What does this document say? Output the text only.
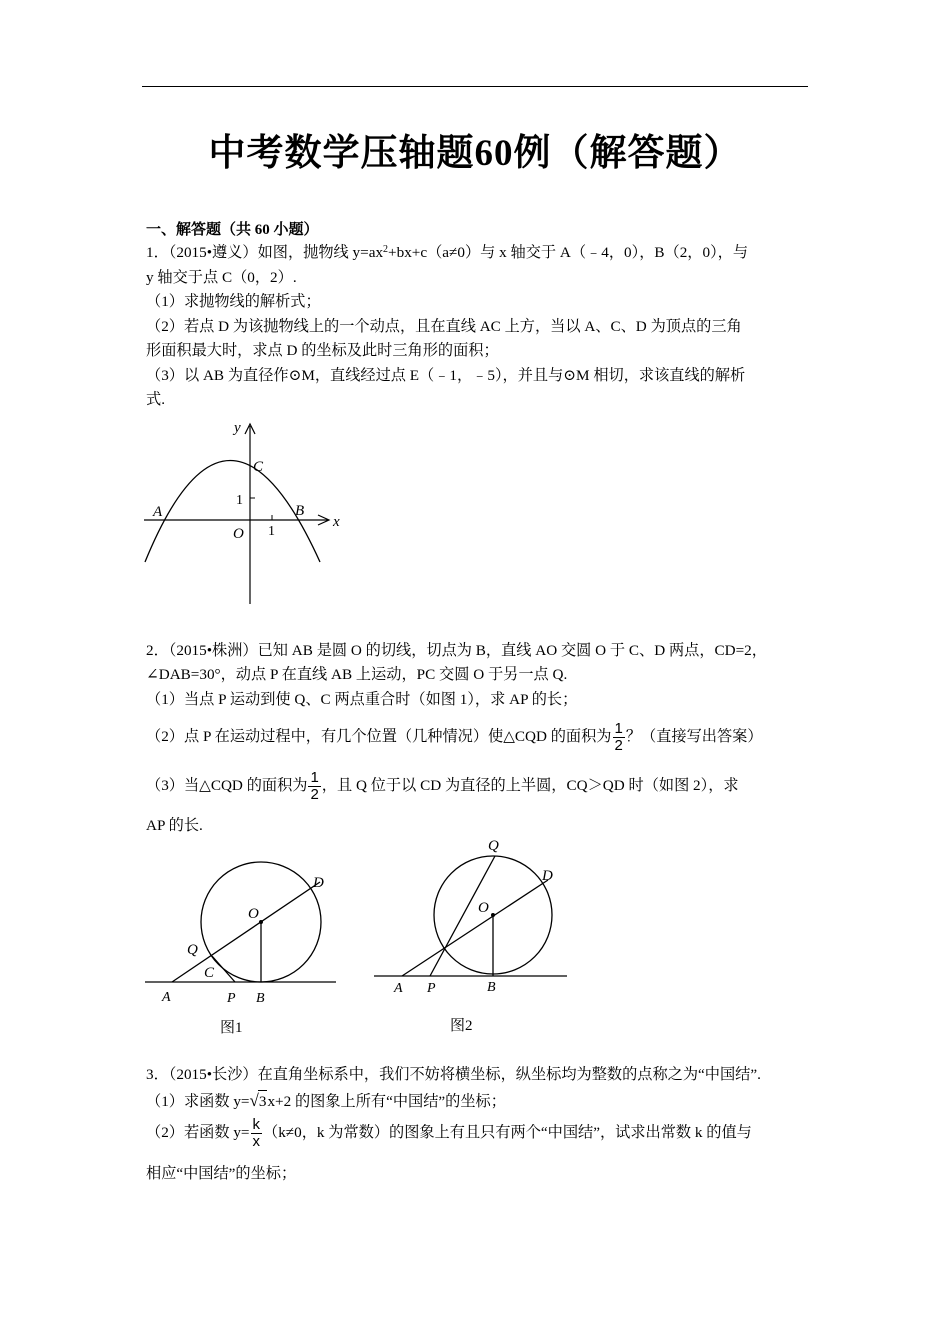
中考数学压轴题60例（解答题）
一、解答题（共 60 小题）
1．（2015•遵义）如图，抛物线 $y=ax^2+bx+c(a\ne 0)$与 x 轴交于 A（﹣4，0），B（2，0），与
y 轴交于点 C（0，2）.
（1）求抛物线的解析式；
（2）若点 D 为该抛物线上的一个动点，且在直线 AC 上方，当以 A、C、D 为顶点的三角
形面积最大时，求点 D 的坐标及此时三角形的面积；
（3）以 AB 为直径作⊙M，直线经过点 E（﹣1，﹣5），并且与⊙M 相切，求该直线的解析
式.
y
x
C
A	B
O
1
1
2．（2015•株洲）已知 AB 是圆 O 的切线，切点为 B，直线 AO 交圆 O 于 C、D 两点，CD=2，
∠DAB=30°，动点 P 在直线 AB 上运动，PC 交圆 O 于另一点 Q.
（1）当点 P 运动到使 Q、C 两点重合时（如图 1），求 AP 的长；
（2）点 P 在运动过程中，有几个位置（几种情况）使△CQD 的面积为 $\frac{1}{2}$ ？（直接写出答案）
（3）当△CQD 的面积为 $\frac{1}{2}$ ，且 Q 位于以 CD 为直径的上半圆，CQ＞QD 时（如图 2），求
AP 的长.
D
O
Q
C
A	P B
图1
Q
D
O
A P	B
图2
3．（2015•长沙）在直角坐标系中，我们不妨将横坐标，纵坐标均为整数的点称之为“中国结”.
（1）求函数 y=√3x+2 的图象上所有“中国结”的坐标；
（2）若函数 $y= \frac{k}{x} (k\ne 0$，k 为常数）的图象上有且只有两个“中国结”，试求出常数 k 的值与
相应“中国结”的坐标；
